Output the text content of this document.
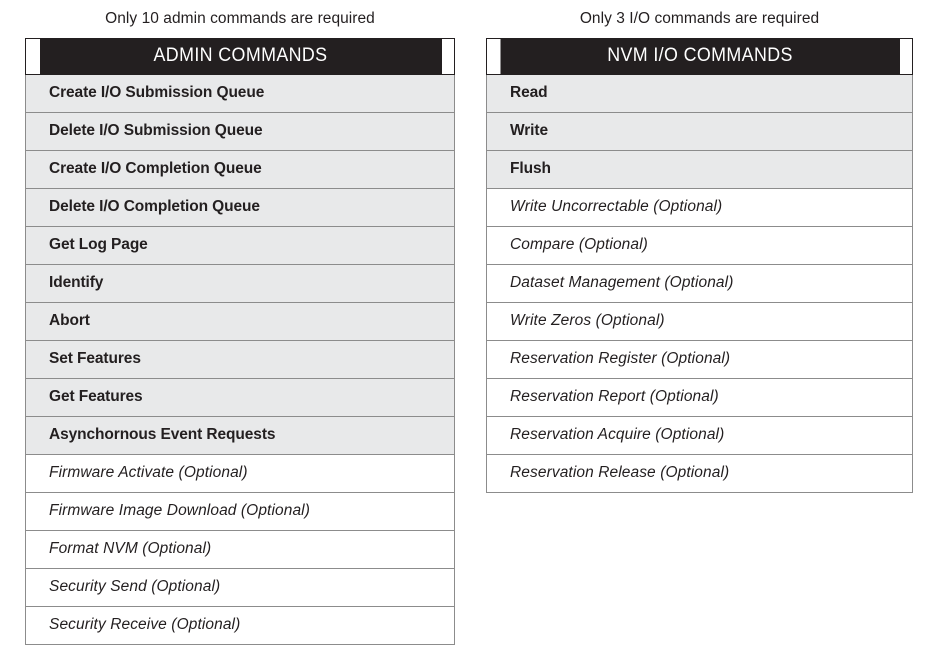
Only 10 admin commands are required
ADMIN COMMANDS
Create I/O Submission Queue
Delete I/O Submission Queue
Create I/O Completion Queue
Delete I/O Completion Queue
Get Log Page
Identify
Abort
Set Features
Get Features
Asynchornous Event Requests
Firmware Activate (Optional)
Firmware Image Download (Optional)
Format NVM (Optional)
Security Send (Optional)
Security Receive (Optional)
Only 3 I/O commands are required
NVM I/O COMMANDS
Read
Write
Flush
Write Uncorrectable (Optional)
Compare (Optional)
Dataset Management (Optional)
Write Zeros (Optional)
Reservation Register (Optional)
Reservation Report (Optional)
Reservation Acquire (Optional)
Reservation Release (Optional)
